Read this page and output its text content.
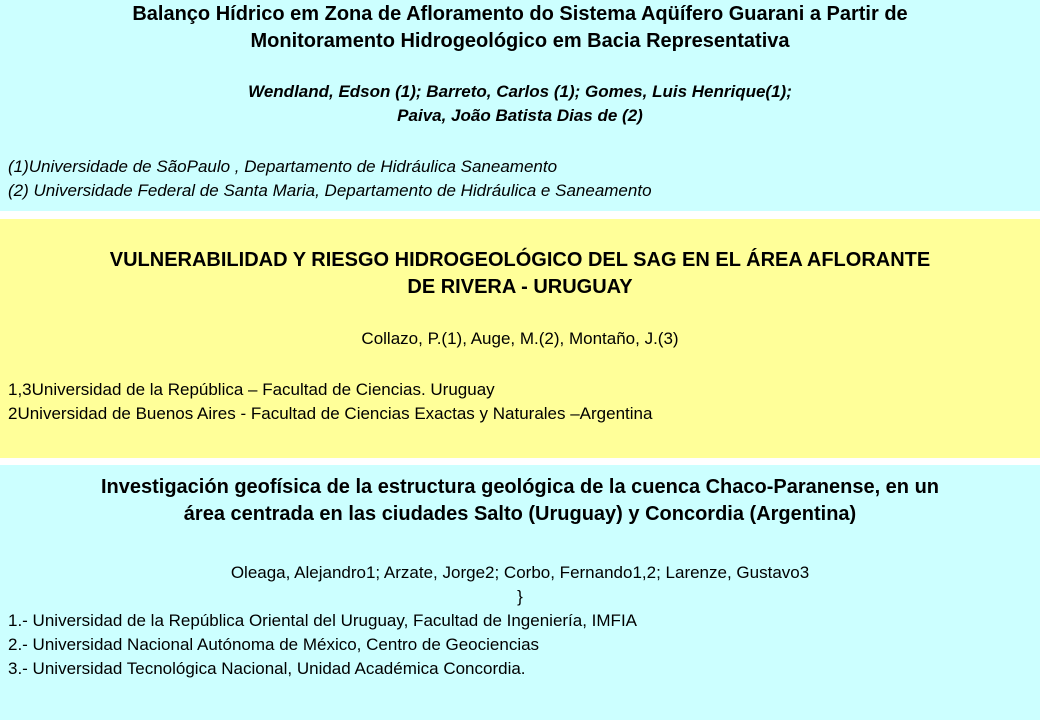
Balanço Hídrico em Zona de Afloramento do Sistema Aqüífero Guarani a Partir de
Monitoramento Hidrogeológico em Bacia Representativa
Wendland, Edson (1); Barreto, Carlos (1); Gomes, Luis Henrique(1);
Paiva, João Batista Dias de (2)
(1)Universidade de SãoPaulo , Departamento de Hidráulica Saneamento
(2) Universidade Federal de Santa Maria, Departamento de Hidráulica e Saneamento
VULNERABILIDAD Y RIESGO HIDROGEOLÓGICO DEL SAG EN EL ÁREA AFLORANTE
DE RIVERA - URUGUAY
Collazo, P.(1), Auge, M.(2), Montaño, J.(3)
1,3Universidad de la República – Facultad de Ciencias. Uruguay
2Universidad de Buenos Aires - Facultad de Ciencias Exactas y Naturales –Argentina
Investigación geofísica de la estructura geológica de la cuenca Chaco-Paranense, en un
área centrada en las ciudades Salto (Uruguay) y Concordia (Argentina)
Oleaga, Alejandro1; Arzate, Jorge2; Corbo, Fernando1,2; Larenze, Gustavo3
}
1.- Universidad de la República Oriental del Uruguay, Facultad de Ingeniería, IMFIA
2.- Universidad Nacional Autónoma de México, Centro de Geociencias
3.- Universidad Tecnológica Nacional, Unidad Académica Concordia.
